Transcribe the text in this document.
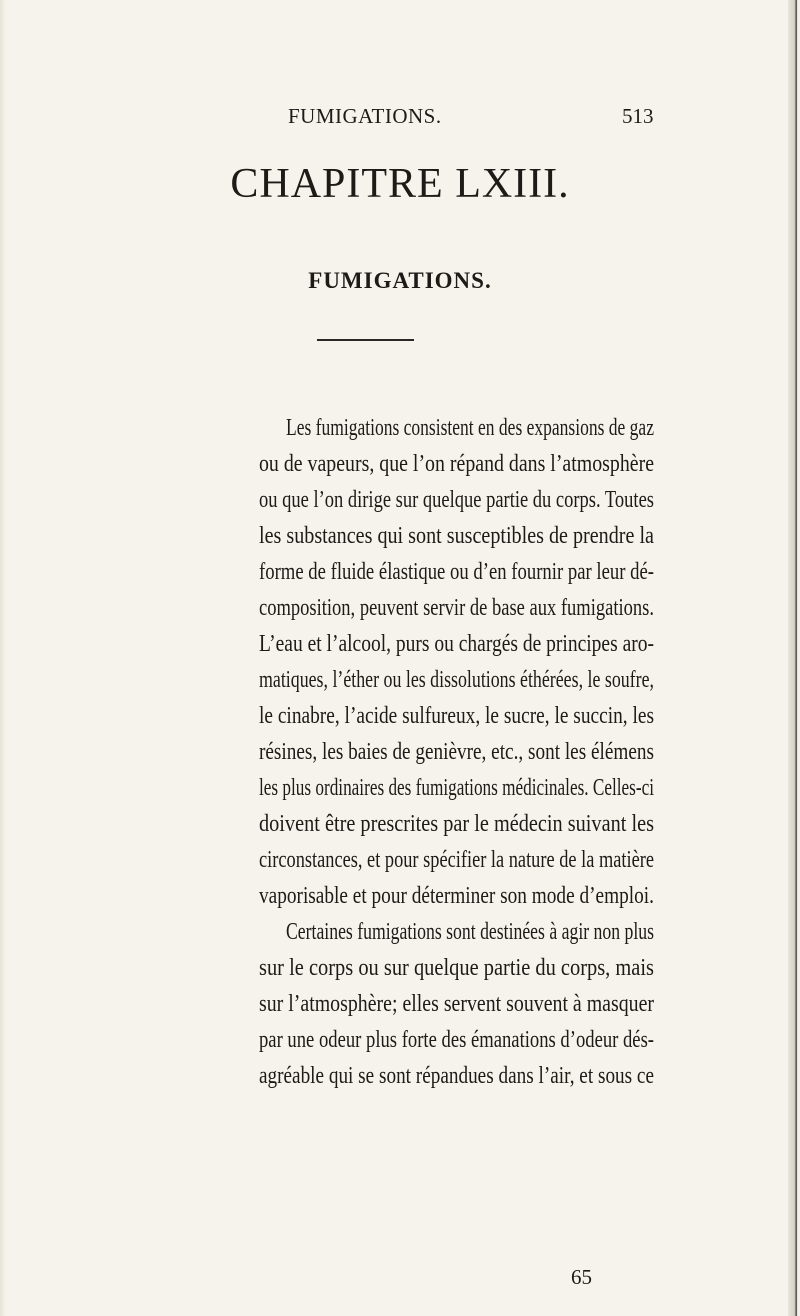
FUMIGATIONS.	513
CHAPITRE LXIII.
FUMIGATIONS.
Les fumigations consistent en des expansions de gaz
ou de vapeurs, que l’on répand dans l’atmosphère
ou que l’on dirige sur quelque partie du corps. Toutes
les substances qui sont susceptibles de prendre la
forme de fluide élastique ou d’en fournir par leur dé-
composition, peuvent servir de base aux fumigations.
L’eau et l’alcool, purs ou chargés de principes aro-
matiques, l’éther ou les dissolutions éthérées, le soufre,
le cinabre, l’acide sulfureux, le sucre, le succin, les
résines, les baies de genièvre, etc., sont les élémens
les plus ordinaires des fumigations médicinales. Celles-ci
doivent être prescrites par le médecin suivant les
circonstances, et pour spécifier la nature de la matière
vaporisable et pour déterminer son mode d’emploi.
Certaines fumigations sont destinées à agir non plus
sur le corps ou sur quelque partie du corps, mais
sur l’atmosphère; elles servent souvent à masquer
par une odeur plus forte des émanations d’odeur dés-
agréable qui se sont répandues dans l’air, et sous ce
65
